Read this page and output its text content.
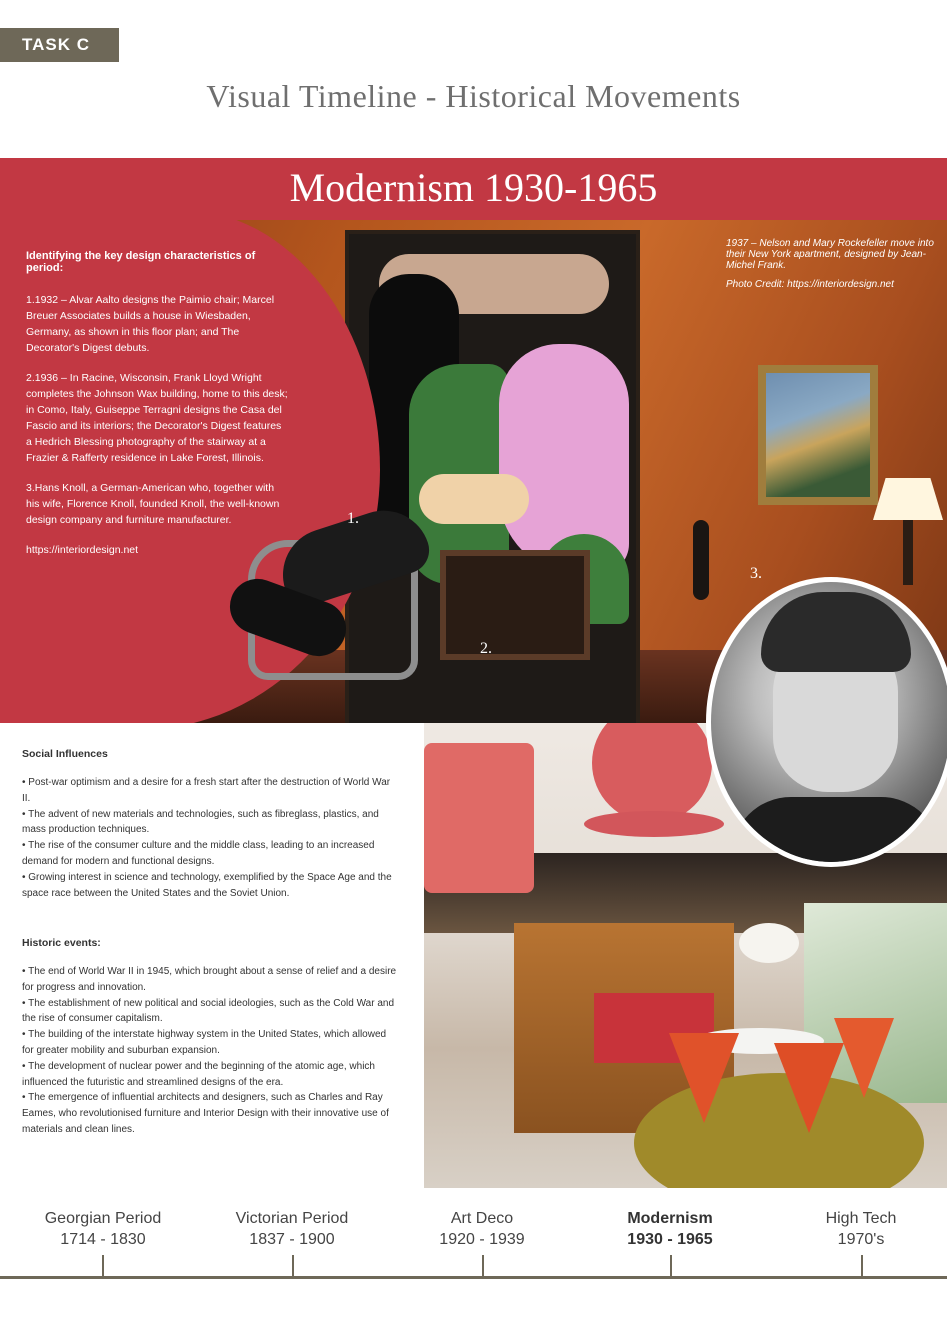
TASK C
Visual Timeline - Historical Movements
Modernism 1930-1965
Identifying the key design characteristics of period:

1.1932 – Alvar Aalto designs the Paimio chair; Marcel Breuer Associates builds a house in Wiesbaden, Germany, as shown in this floor plan; and The Decorator's Digest debuts.

2.1936 – In Racine, Wisconsin, Frank Lloyd Wright completes the Johnson Wax building, home to this desk; in Como, Italy, Guiseppe Terragni designs the Casa del Fascio and its interiors; the Decorator's Digest features a Hedrich Blessing photography of the stairway at a Frazier & Rafferty residence in Lake Forest, Illinois.

3.Hans Knoll, a German-American who, together with his wife, Florence Knoll, founded Knoll, the well-known design company and furniture manufacturer.

https://interiordesign.net

1937 – Nelson and Mary Rockefeller move into their New York apartment, designed by Jean-Michel Frank.
Photo Credit: https://interiordesign.net
1.
2.
3.
Social Influences
• Post-war optimism and a desire for a fresh start after the destruction of World War II.
• The advent of new materials and technologies, such as fibreglass, plastics, and mass production techniques.
• The rise of the consumer culture and the middle class, leading to an increased demand for modern and functional designs.
• Growing interest in science and technology, exemplified by the Space Age and the space race between the United States and the Soviet Union.
Historic events:
• The end of World War II in 1945, which brought about a sense of relief and a desire for progress and innovation.
• The establishment of new political and social ideologies, such as the Cold War and the rise of consumer capitalism.
• The building of the interstate highway system in the United States, which allowed for greater mobility and suburban expansion.
• The development of nuclear power and the beginning of the atomic age, which influenced the futuristic and streamlined designs of the era.
• The emergence of influential architects and designers, such as Charles and Ray Eames, who revolutionised furniture and Interior Design with their innovative use of materials and clean lines.
Georgian Period
1714 - 1830
Victorian Period
1837 - 1900
Art Deco
1920 - 1939
Modernism
1930 - 1965
High Tech
1970's
